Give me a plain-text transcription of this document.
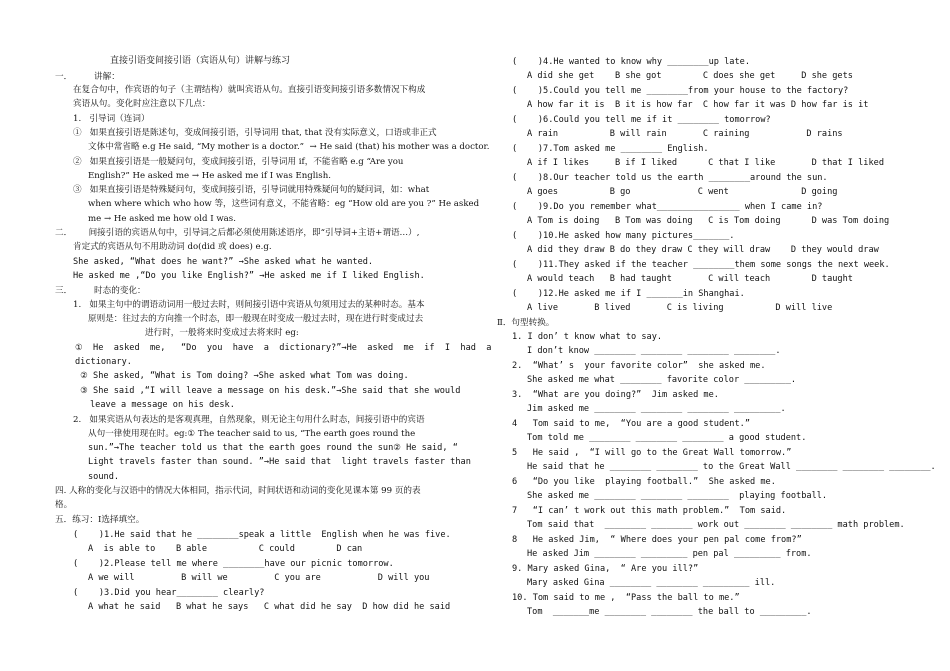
直接引语变间接引语（宾语从句）讲解与练习
一．        讲解：
在复合句中，作宾语的句子（主谓结构）就叫宾语从句。直接引语变间接引语多数情况下构成
宾语从句。变化时应注意以下几点：
1.   引导词（连词）
①   如果直接引语是陈述句，变成间接引语，引导词用 that, that 没有实际意义，口语或非正式
文体中常省略 e.g He said, “My mother is a doctor.”  → He said (that) his mother was a doctor.
②   如果直接引语是一般疑问句，变成间接引语，引导词用 if，不能省略 e.g “Are you
English?” He asked me → He asked me if I was English.
③   如果直接引语是特殊疑问句，变成间接引语，引导词就用特殊疑问句的疑问词，如：what
when where which who how 等，这些词有意义，不能省略：eg “How old are you ?” He asked
me → He asked me how old I was.
二．      间接引语的宾语从句中，引导词之后都必须使用陈述语序，即“引导词+主语+谓语…）,
肯定式的宾语从句不用助动词 do(did 或 does) e.g.
She asked, “What does he want?” →She asked what he wanted.
He asked me ,“Do you like English?” →He asked me if I liked English.
三．        时态的变化：
1.   如果主句中的谓语动词用一般过去时，则间接引语中宾语从句须用过去的某种时态。基本
原则是：往过去的方向推一个时态，即一般现在时变成一般过去时，现在进行时变成过去
进行时，一般将来时变成过去将来时 eg:
①  He  asked  me,   “Do  you  have  a  dictionary?”→He  asked  me  if  I  had  a
dictionary.
② She asked, “What is Tom doing? →She asked what Tom was doing.
③ She said ,“I will leave a message on his desk.”→She said that she would
leave a message on his desk.
2.   如果宾语从句表达的是客观真理，自然现象，则无论主句用什么时态，间接引语中的宾语
从句一律使用现在时。eg:① The teacher said to us, “The earth goes round the
sun.”→The teacher told us that the earth goes round the sun② He said, “
Light travels faster than sound. ”→He said that  light travels faster than
sound.
四. 人称的变化与汉语中的情况大体相同，指示代词，时间状语和动词的变化见课本第 99 页的表
格。
五．练习：Ⅰ选择填空。
(    )1.He said that he ________speak a little  English when he was five.
A  is able to    B able          C could        D can
(    )2.Please tell me where ________have our picnic tomorrow.
A we will         B will we         C you are           D will you
(    )3.Did you hear________ clearly?
A what he said   B what he says   C what did he say  D how did he said
(    )4.He wanted to know why ________up late.
A did she get    B she got        C does she get     D she gets
(    )5.Could you tell me ________from your house to the factory?
A how far it is  B it is how far  C how far it was D how far is it
(    )6.Could you tell me if it ________ tomorrow?
A rain          B will rain       C raining           D rains
(    )7.Tom asked me ________ English.
A if I likes     B if I liked      C that I like       D that I liked
(    )8.Our teacher told us the earth ________around the sun.
A goes          B go             C went              D going
(    )9.Do you remember what________________ when I came in?
A Tom is doing   B Tom was doing   C is Tom doing      D was Tom doing
(    )10.He asked how many pictures_______.
A did they draw B do they draw C they will draw    D they would draw
(    )11.They asked if the teacher ________them some songs the next week.
A would teach   B had taught       C will teach        D taught
(    )12.He asked me if I _______in Shanghai.
A live       B lived       C is living          D will live
Ⅱ．句型转换。
1. I don’ t know what to say.
I don’t know ________ ________ ________ ________.
2.  “What’ s  your favorite color”  she asked me.
She asked me what ________ favorite color _________.
3.  “What are you doing?”  Jim asked me.
Jim asked me ________ ________ ________ _________.
4   Tom said to me,  “You are a good student.”
Tom told me ________ ________ ________ a good student.
5   He said ,  “I will go to the Great Wall tomorrow.”
He said that he ________ ________ to the Great Wall ________ ________ ________.
6   “Do you like  playing football.”  She asked me.
She asked me ________ ________ ________  playing football.
7   “I can’ t work out this math problem.”  Tom said.
Tom said that  ________ ________ work out ________ ________ math problem.
8   He asked Jim,  “ Where does your pen pal come from?”
He asked Jim ________ _________ pen pal _________ from.
9. Mary asked Gina,  “ Are you ill?”
Mary asked Gina ________ ________ _________ ill.
10. Tom said to me ,  “Pass the ball to me.”
Tom  _______me ________ ________ the ball to _________.
